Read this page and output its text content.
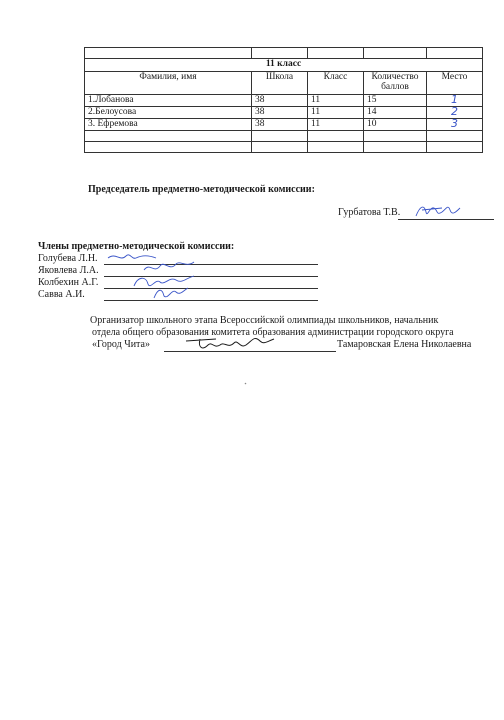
11 класс				
Фамилия, имя	Школа	Класс	Количество баллов	Место
1.Лобанова	38	11	15	1
2.Белоусова	38	11	14	2
3. Ефремова	38	11	10	3

Председатель предметно-методической комиссии:
Гурбатова Т.В.
Члены предметно-методической комиссии:
Голубева Л.Н.
Яковлева Л.А.
Колбехин А.Г.
Савва А.И.
Организатор школьного этапа Всероссийской олимпиады школьников, начальник
отдела общего образования комитета образования администрации городского округа
«Город Чита»	Тамаровская Елена Николаевна
